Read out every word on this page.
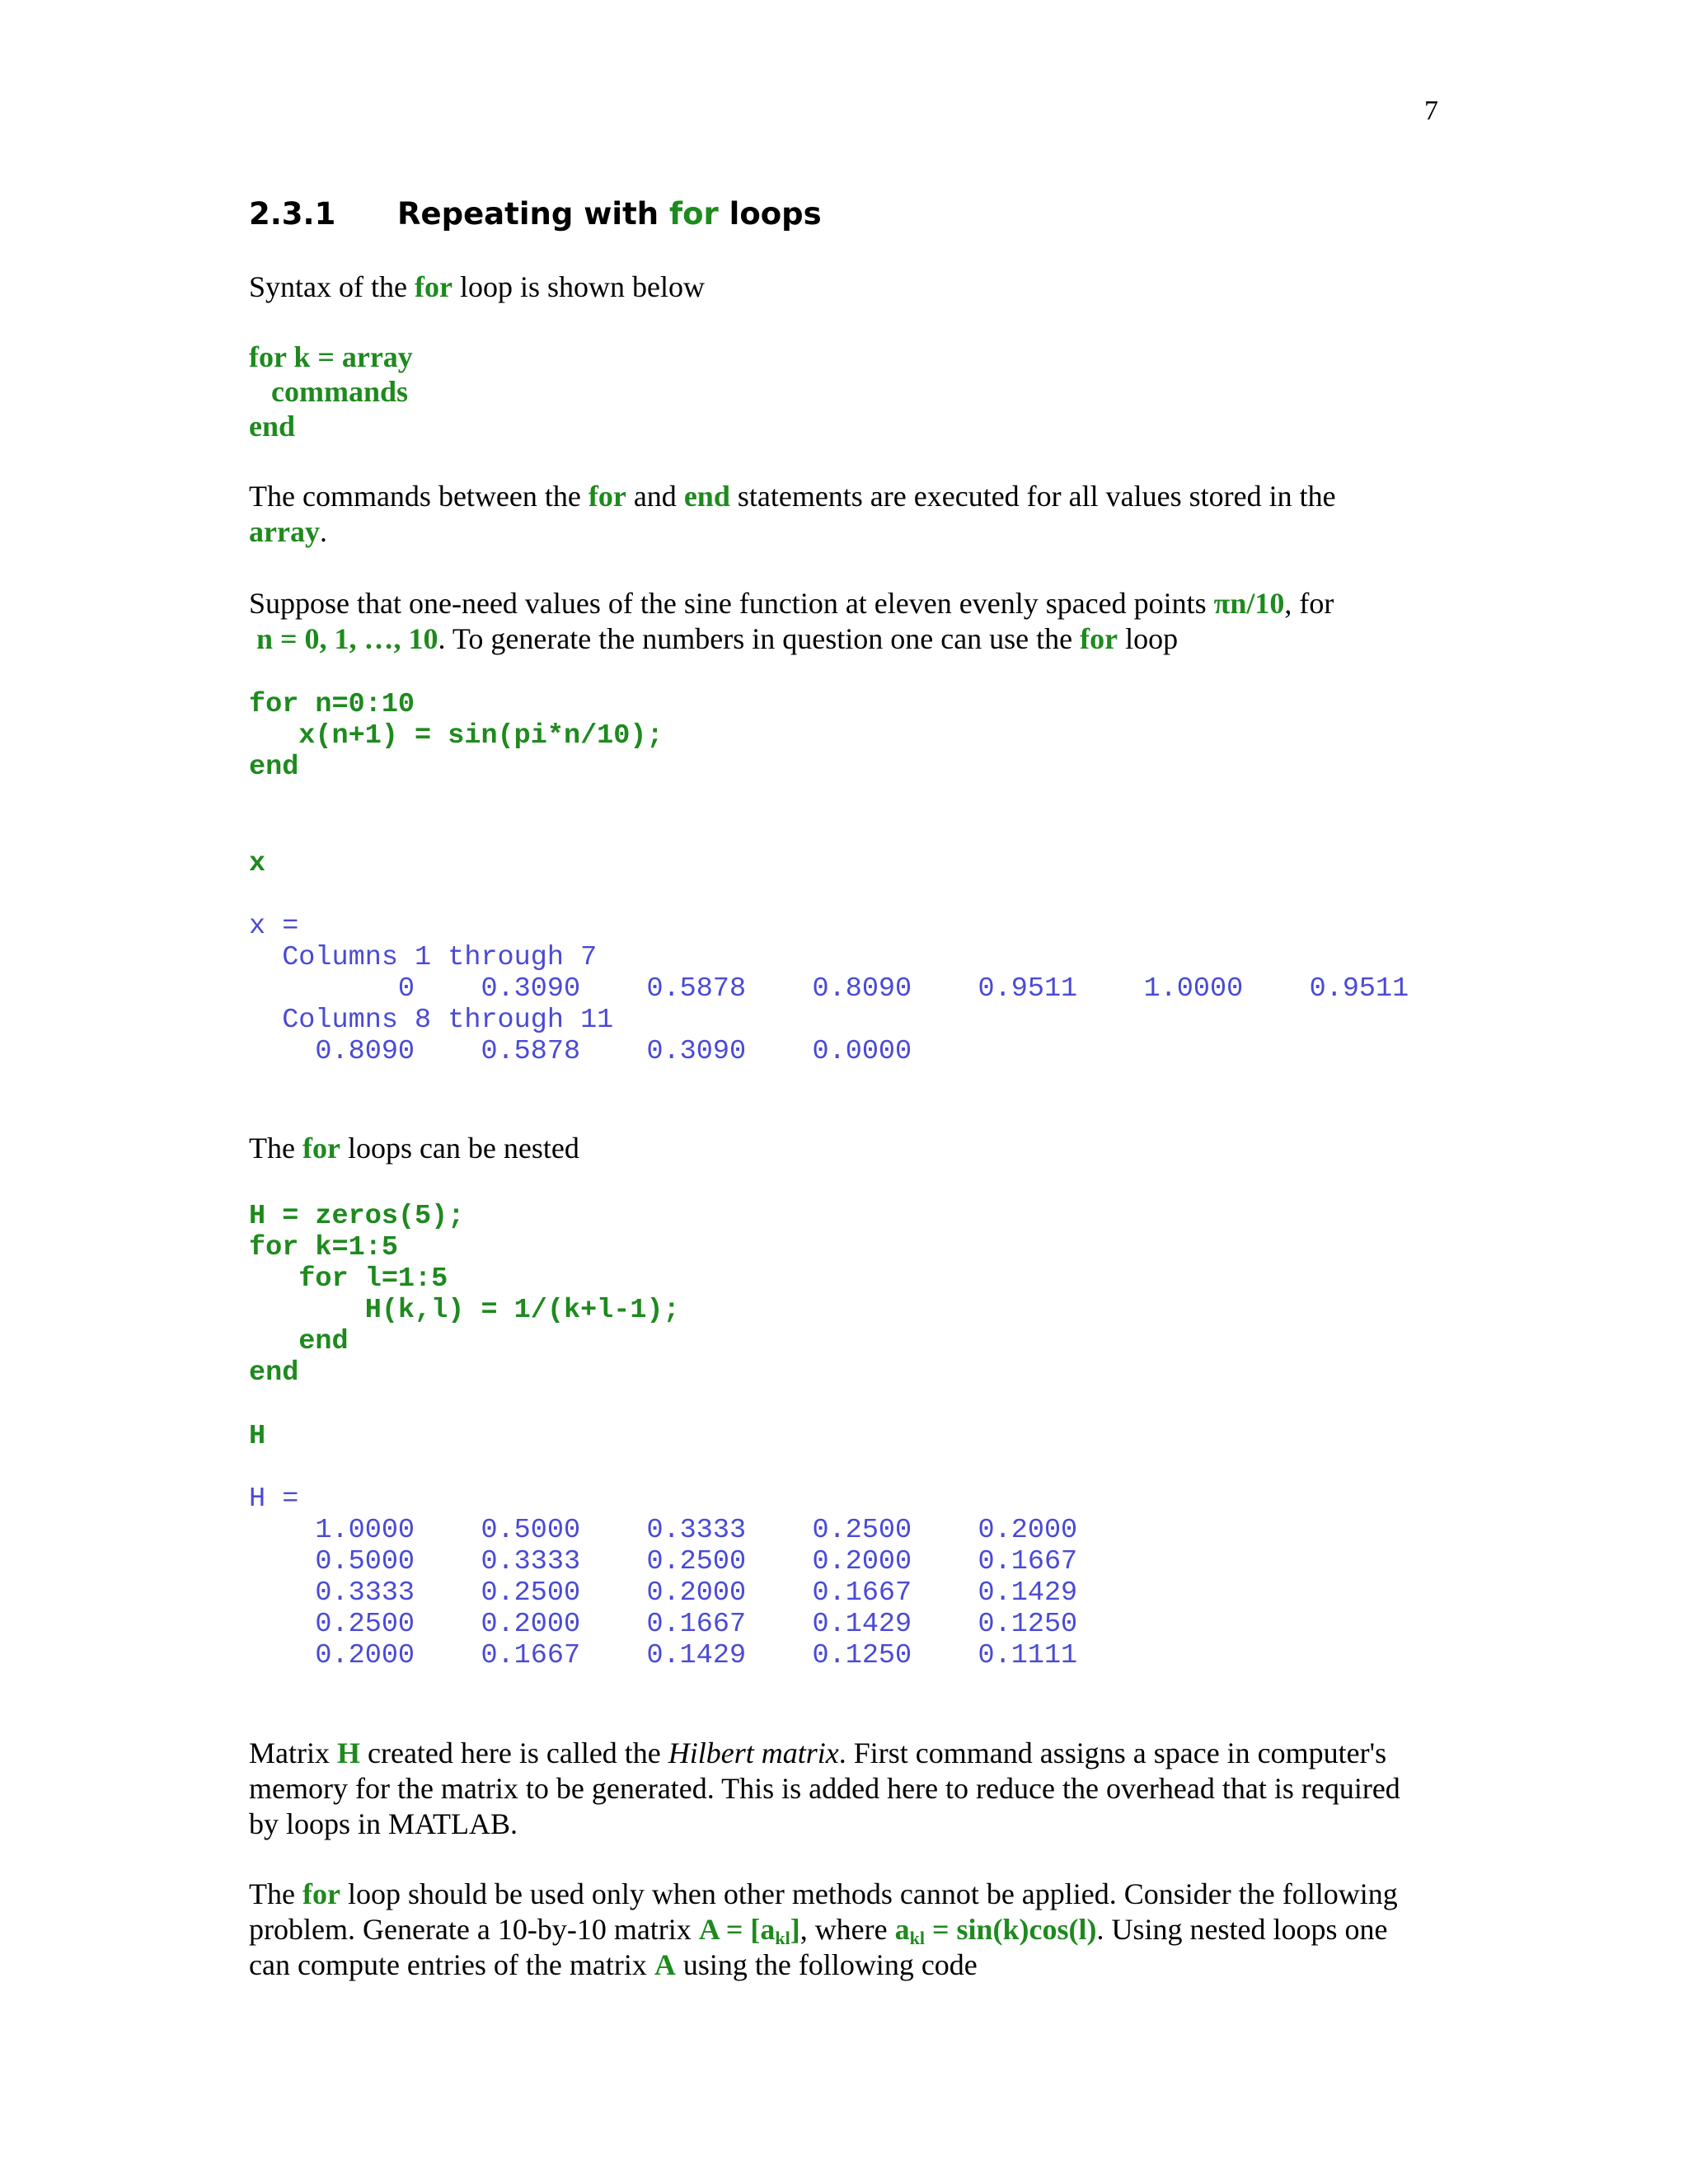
7
2.3.1 Repeating with for loops
Syntax of the for loop is shown below
for k = array
commands
end
The commands between the for and end statements are executed for all values stored in the
array.
Suppose that one-need values of the sine function at eleven evenly spaced points πn/10, for
n = 0, 1, …, 10. To generate the numbers in question one can use the for loop
for n=0:10
x(n+1) = sin(pi*n/10);
end
x
x =
Columns 1 through 7
0    0.3090    0.5878    0.8090    0.9511    1.0000    0.9511
Columns 8 through 11
0.8090    0.5878    0.3090    0.0000
The for loops can be nested
H = zeros(5);
for k=1:5
for l=1:5
H(k,l) = 1/(k+l-1);
end
end
H
H =
1.0000    0.5000    0.3333    0.2500    0.2000
0.5000    0.3333    0.2500    0.2000    0.1667
0.3333    0.2500    0.2000    0.1667    0.1429
0.2500    0.2000    0.1667    0.1429    0.1250
0.2000    0.1667    0.1429    0.1250    0.1111
Matrix H created here is called the Hilbert matrix. First command assigns a space in computer's
memory for the matrix to be generated. This is added here to reduce the overhead that is required
by loops in MATLAB.
The for loop should be used only when other methods cannot be applied. Consider the following
problem. Generate a 10-by-10 matrix $A = [a_{kl}]$, where $a_{kl} = \sin(k)\cos(l)$. Using nested loops one
can compute entries of the matrix A using the following code
